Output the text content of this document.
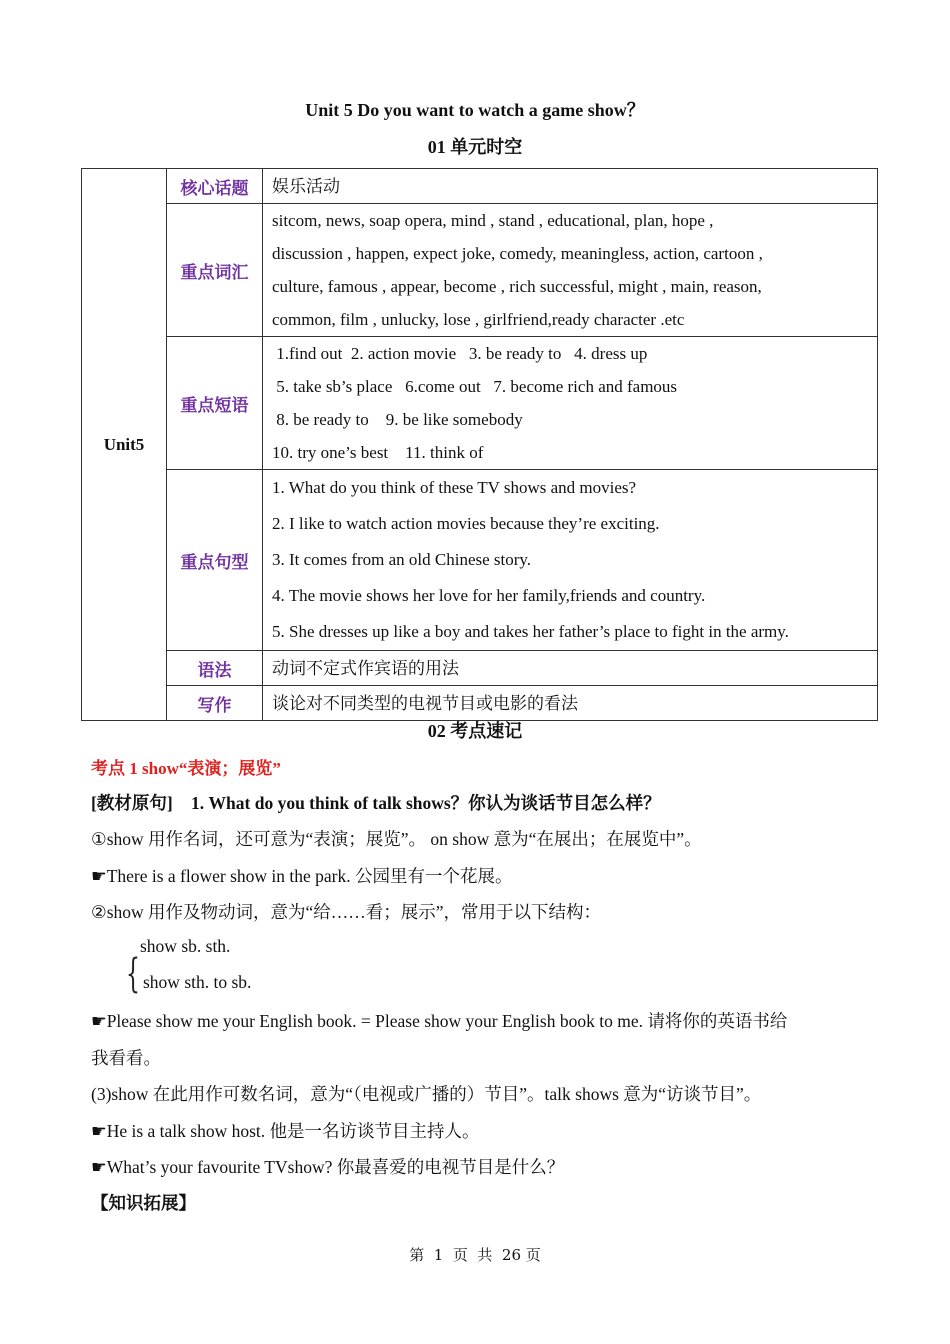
Unit 5 Do you want to watch a game show？
01 单元时空
Unit5	核心话题	娱乐活动

	重点词汇	sitcom, news, soap opera, mind , stand , educational, plan, hope ,
discussion , happen, expect joke, comedy, meaningless, action, cartoon ,
culture, famous , appear, become , rich successful, might , main, reason,
common, film , unlucky, lose , girlfriend,ready character .etc

	重点短语	1.find out  2. action movie   3. be ready to   4. dress up
5. take sb’s place   6.come out   7. become rich and famous
8. be ready to    9. be like somebody
10. try one’s best    11. think of

	重点句型	1. What do you think of these TV shows and movies?
2. I like to watch action movies because they’re exciting.
3. It comes from an old Chinese story.
4. The movie shows her love for her family,friends and country.
5. She dresses up like a boy and takes her father’s place to fight in the army.

	语法	动词不定式作宾语的用法

	写作	谈论对不同类型的电视节目或电影的看法
02 考点速记
考点 1 show“表演；展览”
[教材原句] 1. What do you think of talk shows？你认为谈话节目怎么样？
①show 用作名词，还可意为“表演；展览”。 on show 意为“在展出；在展览中”。
☛There is a flower show in the park. 公园里有一个花展。
②show 用作及物动词，意为“给……看；展示”，常用于以下结构：
{
show sb. sth.
show sth. to sb.
☛Please show me your English book. = Please show your English book to me. 请将你的英语书给
我看看。
(3)show 在此用作可数名词，意为“（电视或广播的）节目”。talk shows 意为“访谈节目”。
☛He is a talk show host. 他是一名访谈节目主持人。
☛What’s your favourite TVshow? 你最喜爱的电视节目是什么？
【知识拓展】
第  1  页  共  26 页
